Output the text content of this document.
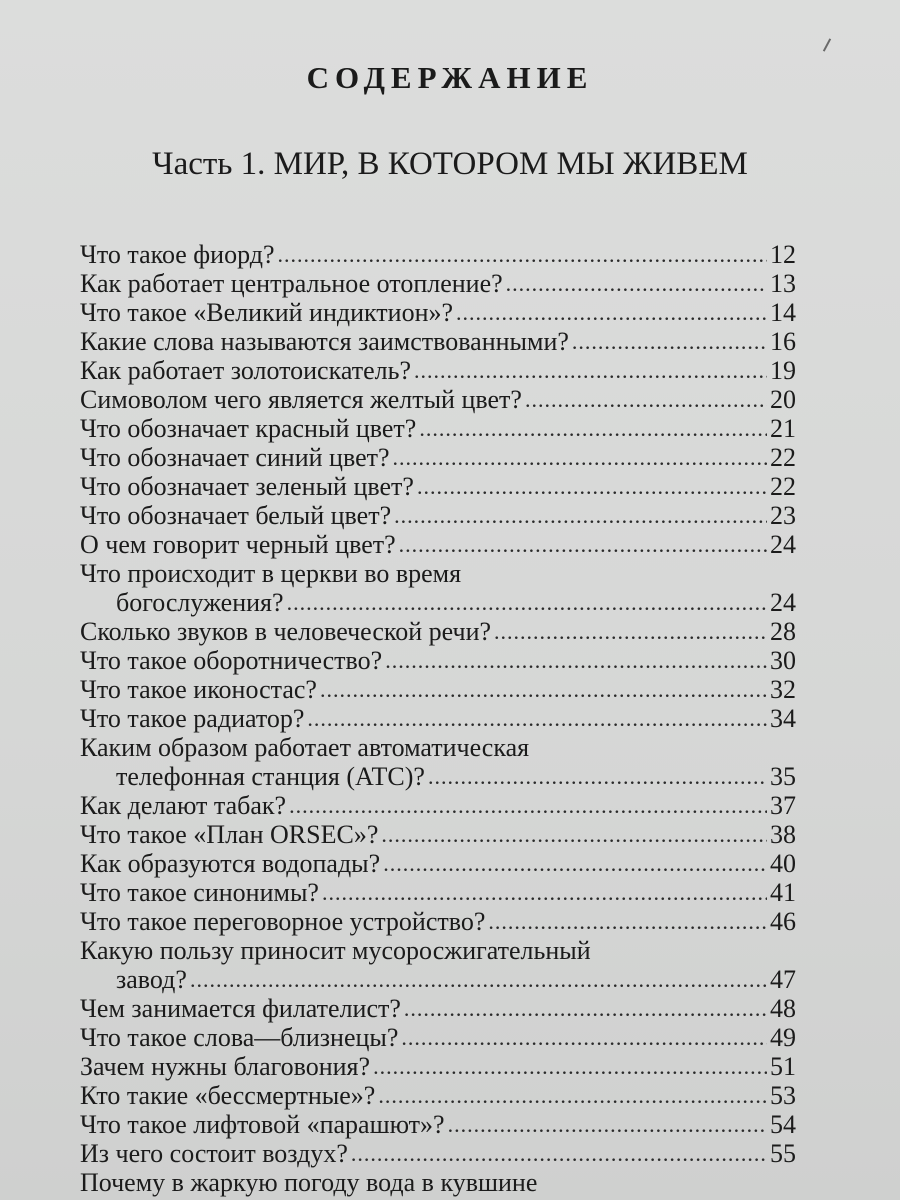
СОДЕРЖАНИЕ
Часть 1. МИР, В КОТОРОМ МЫ ЖИВЕМ
Что такое фиорд? .....	12
Как работает центральное отопление? .....	13
Что такое «Великий индиктион»? .....	14
Какие слова называются заимствованными? .....	16
Как работает золотоискатель? .....	19
Симоволом чего является желтый цвет? .....	20
Что обозначает красный цвет? .....	21
Что обозначает синий цвет? .....	22
Что обозначает зеленый цвет? .....	22
Что обозначает белый цвет? .....	23
О чем говорит черный цвет? .....	24
Что происходит в церкви во время
богослужения? .....	24
Сколько звуков в человеческой речи? .....	28
Что такое оборотничество? .....	30
Что такое иконостас? .....	32
Что такое радиатор? .....	34
Каким образом работает автоматическая
телефонная станция (АТС)? .....	35
Как делают табак? .....	37
Что такое «План ORSEC»? .....	38
Как образуются водопады? .....	40
Что такое синонимы? .....	41
Что такое переговорное устройство? .....	46
Какую пользу приносит мусоросжигательный
завод? .....	47
Чем занимается филателист? .....	48
Что такое слова—близнецы? .....	49
Зачем нужны благовония? .....	51
Кто такие «бессмертные»? .....	53
Что такое лифтовой «парашют»? .....	54
Из чего состоит воздух? .....	55
Почему в жаркую погоду вода в кувшине
